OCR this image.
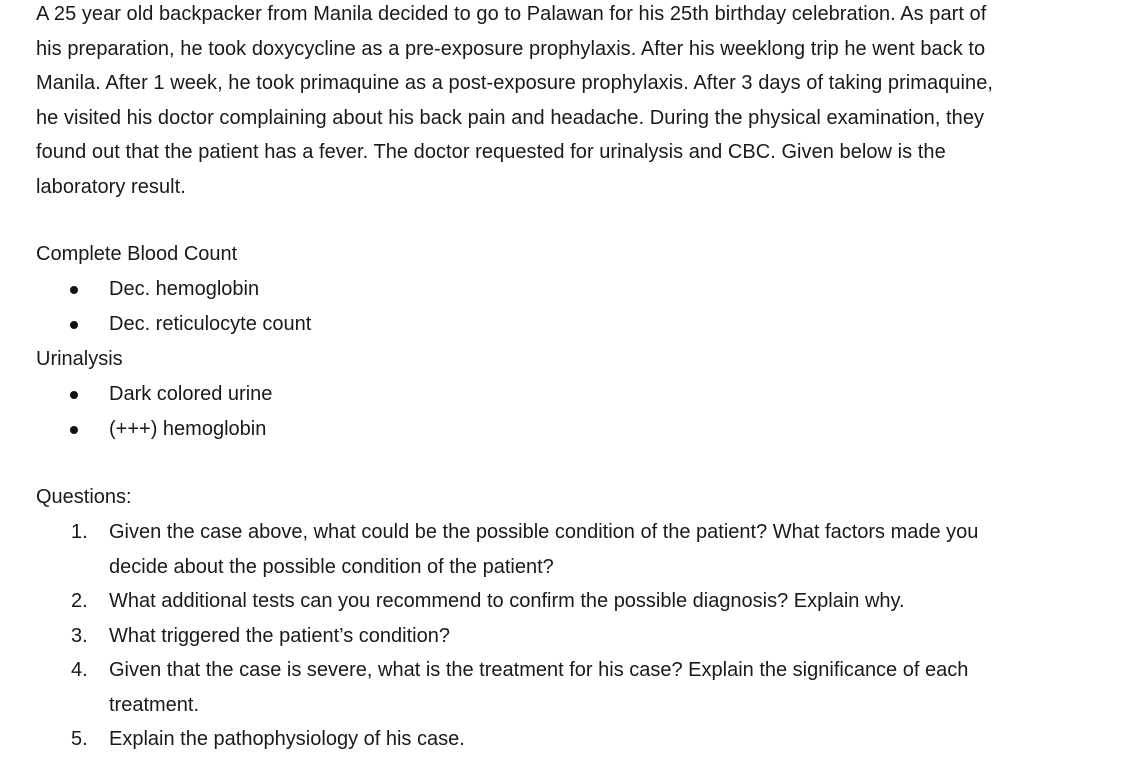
A 25 year old backpacker from Manila decided to go to Palawan for his 25th birthday celebration. As part of
his preparation, he took doxycycline as a pre-exposure prophylaxis. After his weeklong trip he went back to
Manila. After 1 week, he took primaquine as a post-exposure prophylaxis. After 3 days of taking primaquine,
he visited his doctor complaining about his back pain and headache. During the physical examination, they
found out that the patient has a fever. The doctor requested for urinalysis and CBC. Given below is the
laboratory result.
Complete Blood Count
Dec. hemoglobin
Dec. reticulocyte count
Urinalysis
Dark colored urine
(+++) hemoglobin
Questions:
1. Given the case above, what could be the possible condition of the patient? What factors made you
decide about the possible condition of the patient?
2. What additional tests can you recommend to confirm the possible diagnosis? Explain why.
3. What triggered the patient’s condition?
4. Given that the case is severe, what is the treatment for his case? Explain the significance of each
treatment.
5. Explain the pathophysiology of his case.
